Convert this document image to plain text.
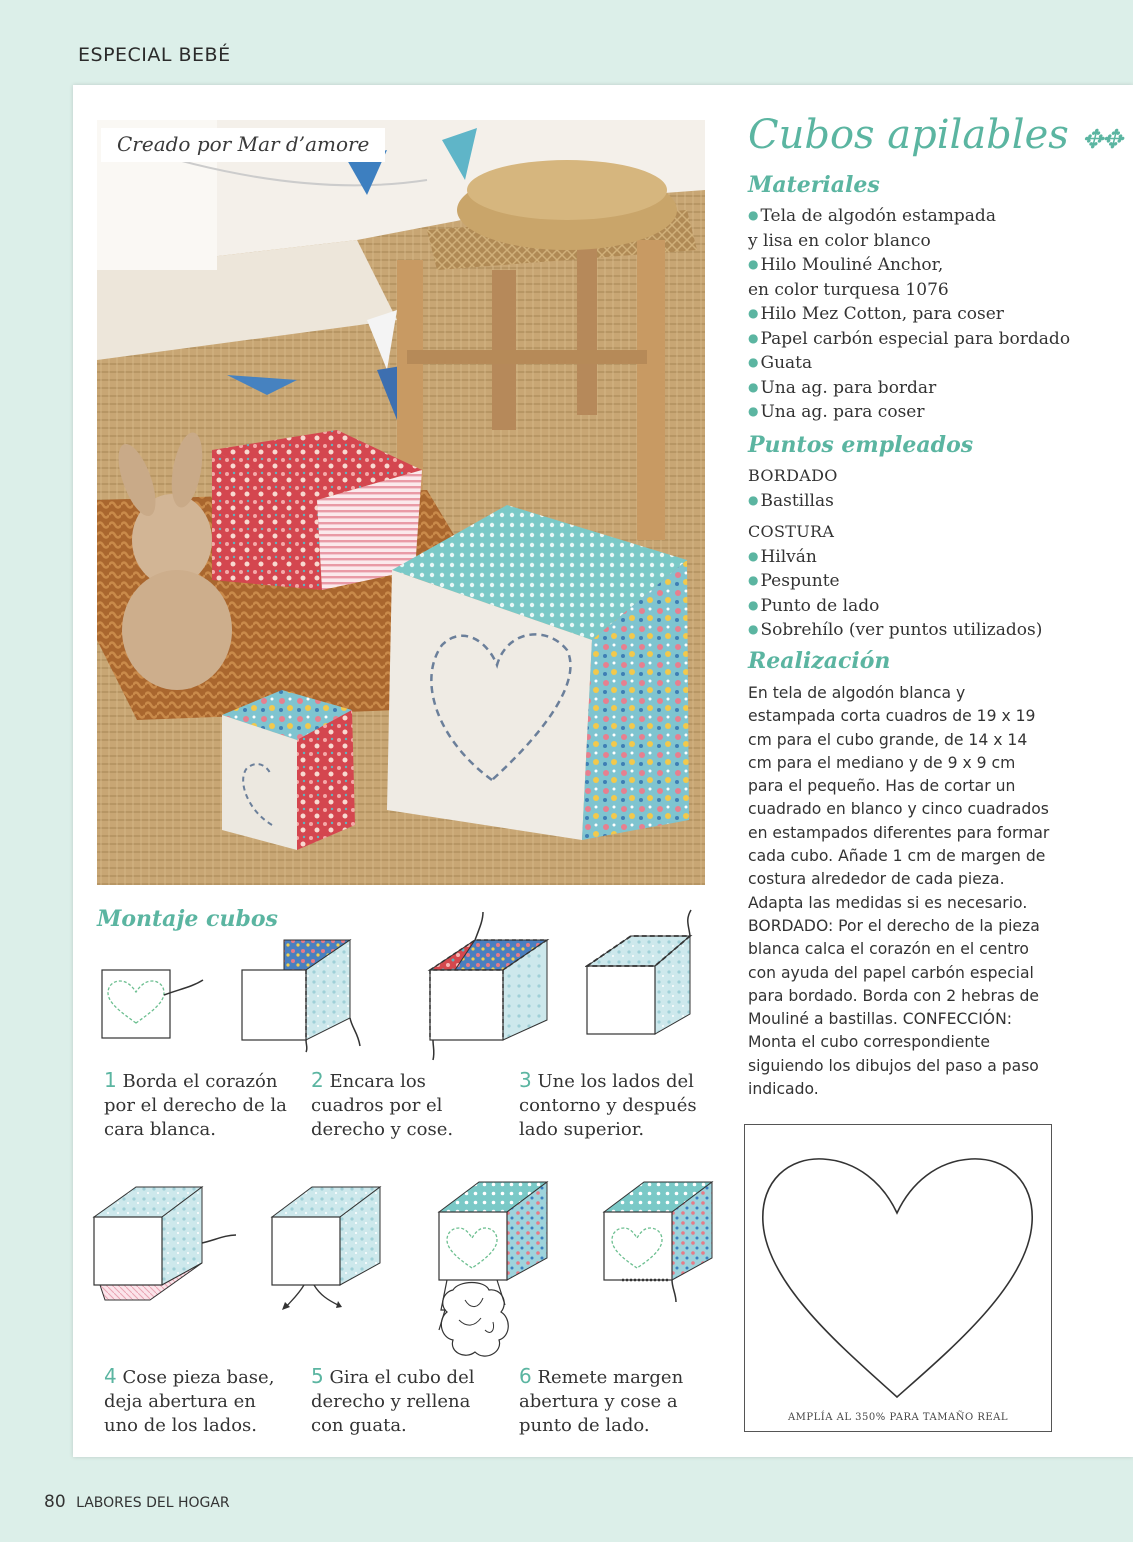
ESPECIAL BEBÉ
Creado por Mar d’amore	Cubos apilables ✥✥
Materiales
● Tela de algodón estampada
y lisa en color blanco
● Hilo Mouliné Anchor,
en color turquesa 1076
● Hilo Mez Cotton, para coser
● Papel carbón especial para bordado
● Guata
● Una ag. para bordar
● Una ag. para coser
Puntos empleados
BORDADO
● Bastillas
COSTURA
● Hilván
● Pespunte
● Punto de lado
● Sobrehílo (ver puntos utilizados)
Realización
En tela de algodón blanca y estampada corta cuadros de 19 x 19 cm para el cubo grande, de 14 x 14 cm para el mediano y de 9 x 9 cm para el pequeño. Has de cortar un cuadrado en blanco y cinco cuadrados en estampados diferentes para formar cada cubo. Añade 1 cm de margen de costura alrededor de cada pieza. Adapta las medidas si es necesario. BORDADO: Por el derecho de la pieza blanca calca el corazón en el centro con ayuda del papel carbón especial para bordado. Borda con 2 hebras de Mouliné a bastillas. CONFECCIÓN: Monta el cubo correspondiente siguiendo los dibujos del paso a paso indicado.
AMPLÍA AL 350% PARA TAMAÑO REAL
Montaje cubos
1 Borda el corazón por el derecho de la cara blanca.
2 Encara los cuadros por el derecho y cose.
3 Une los lados del contorno y después lado superior.
4 Cose pieza base, deja abertura en uno de los lados.
5 Gira el cubo del derecho y rellena con guata.
6 Remete margen abertura y cose a punto de lado.
80 LABORES DEL HOGAR
